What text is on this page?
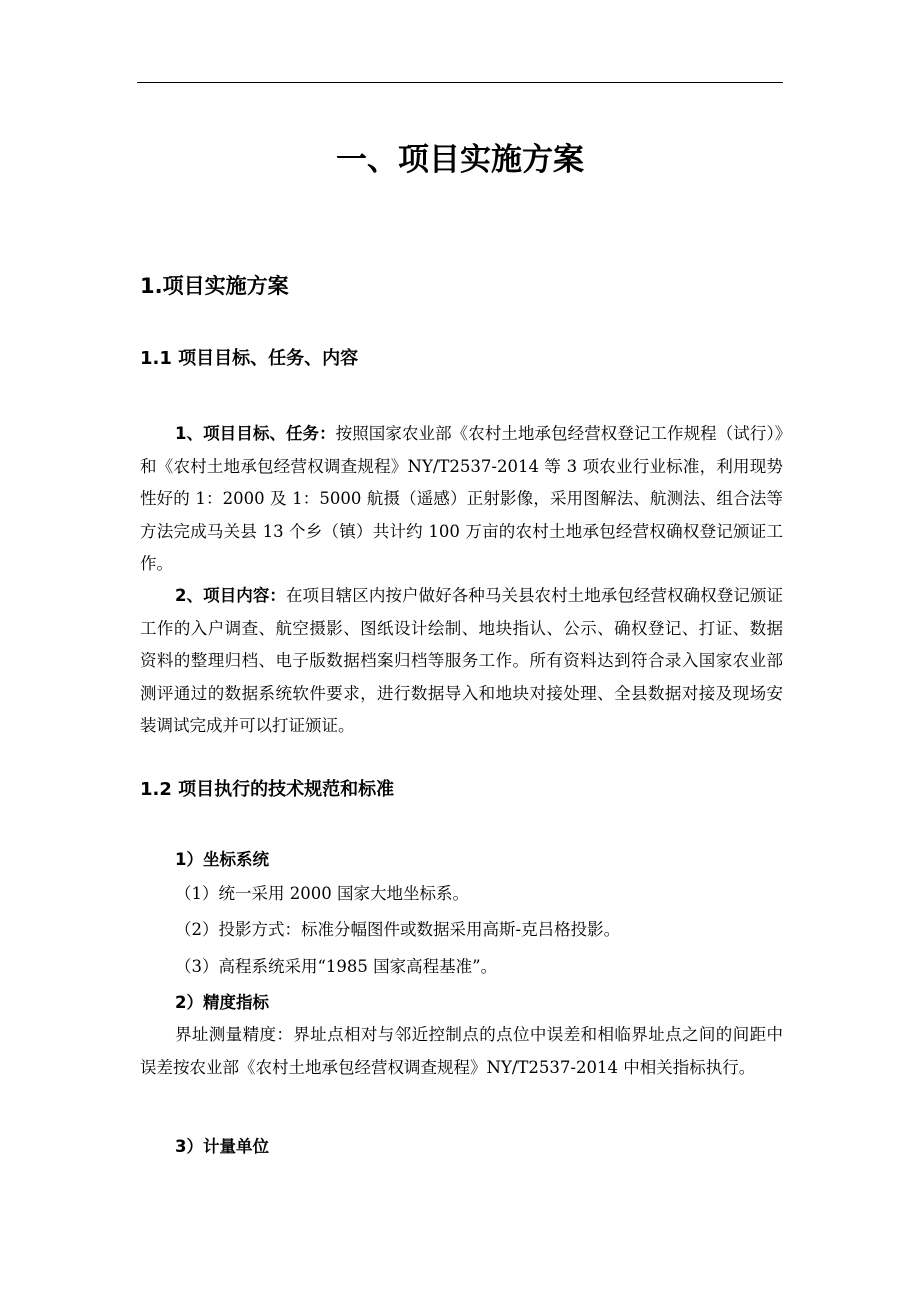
一、项目实施方案
1.项目实施方案
1.1 项目目标、任务、内容

1、项目目标、任务：按照国家农业部《农村土地承包经营权登记工作规程（试行）》和《农村土地承包经营权调查规程》NY/T2537-2014 等 3 项农业行业标准，利用现势性好的 1：2000 及 1：5000 航摄（遥感）正射影像，采用图解法、航测法、组合法等方法完成马关县 13 个乡（镇）共计约 100 万亩的农村土地承包经营权确权登记颁证工作。

2、项目内容：在项目辖区内按户做好各种马关县农村土地承包经营权确权登记颁证工作的入户调查、航空摄影、图纸设计绘制、地块指认、公示、确权登记、打证、数据资料的整理归档、电子版数据档案归档等服务工作。所有资料达到符合录入国家农业部测评通过的数据系统软件要求，进行数据导入和地块对接处理、全县数据对接及现场安装调试完成并可以打证颁证。

1.2 项目执行的技术规范和标准

1）坐标系统

（1）统一采用 2000 国家大地坐标系。

（2）投影方式：标准分幅图件或数据采用高斯-克吕格投影。

（3）高程系统采用“1985 国家高程基准”。

2）精度指标

界址测量精度：界址点相对与邻近控制点的点位中误差和相临界址点之间的间距中误差按农业部《农村土地承包经营权调查规程》NY/T2537-2014 中相关指标执行。

3）计量单位
